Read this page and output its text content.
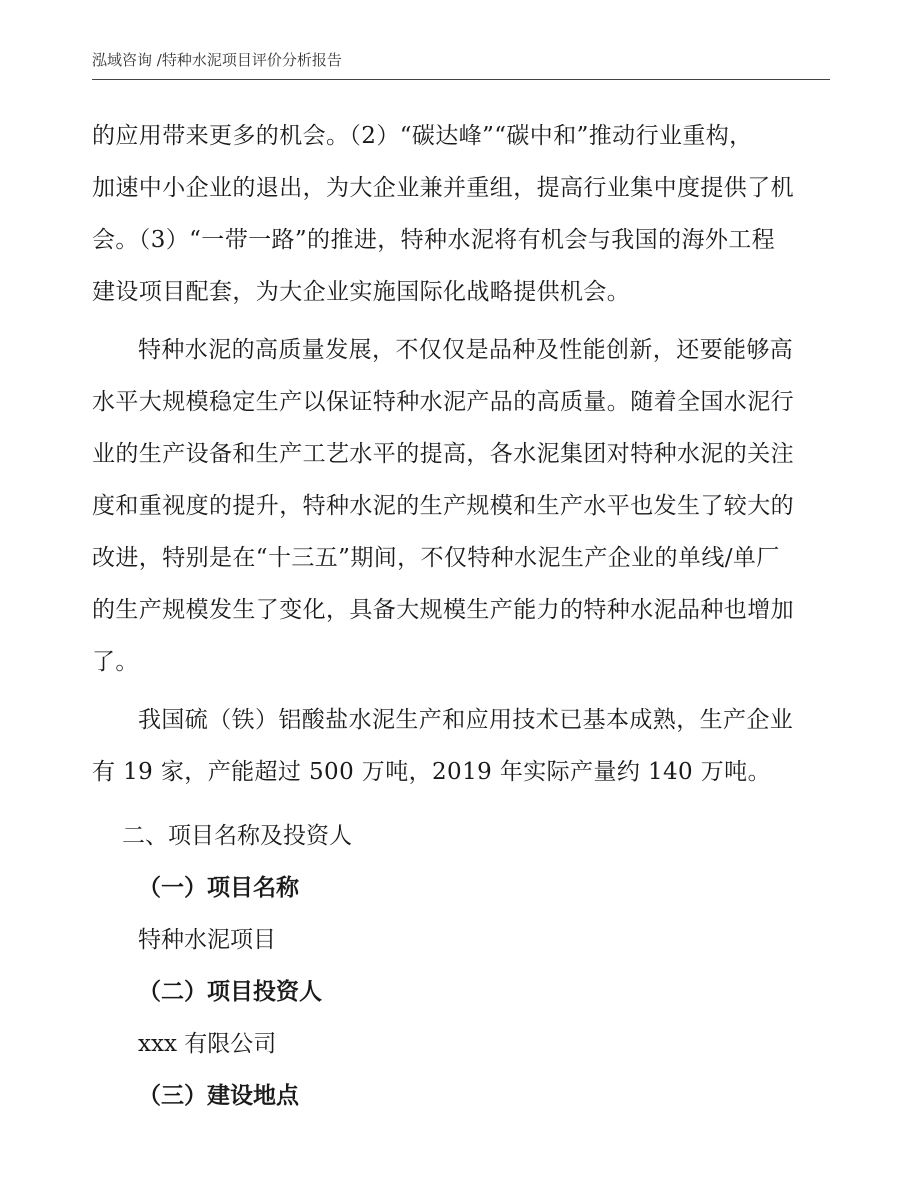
泓域咨询 /特种水泥项目评价分析报告
的应用带来更多的机会。（2）“碳达峰”“碳中和”推动行业重构，
加速中小企业的退出，为大企业兼并重组，提高行业集中度提供了机
会。（3）“一带一路”的推进，特种水泥将有机会与我国的海外工程
建设项目配套，为大企业实施国际化战略提供机会。
特种水泥的高质量发展，不仅仅是品种及性能创新，还要能够高
水平大规模稳定生产以保证特种水泥产品的高质量。随着全国水泥行
业的生产设备和生产工艺水平的提高，各水泥集团对特种水泥的关注
度和重视度的提升，特种水泥的生产规模和生产水平也发生了较大的
改进，特别是在“十三五”期间，不仅特种水泥生产企业的单线/单厂
的生产规模发生了变化，具备大规模生产能力的特种水泥品种也增加
了。
我国硫（铁）铝酸盐水泥生产和应用技术已基本成熟，生产企业
有 19 家，产能超过 500 万吨，2019 年实际产量约 140 万吨。
二、项目名称及投资人
（一）项目名称
特种水泥项目
（二）项目投资人
xxx 有限公司
（三）建设地点
